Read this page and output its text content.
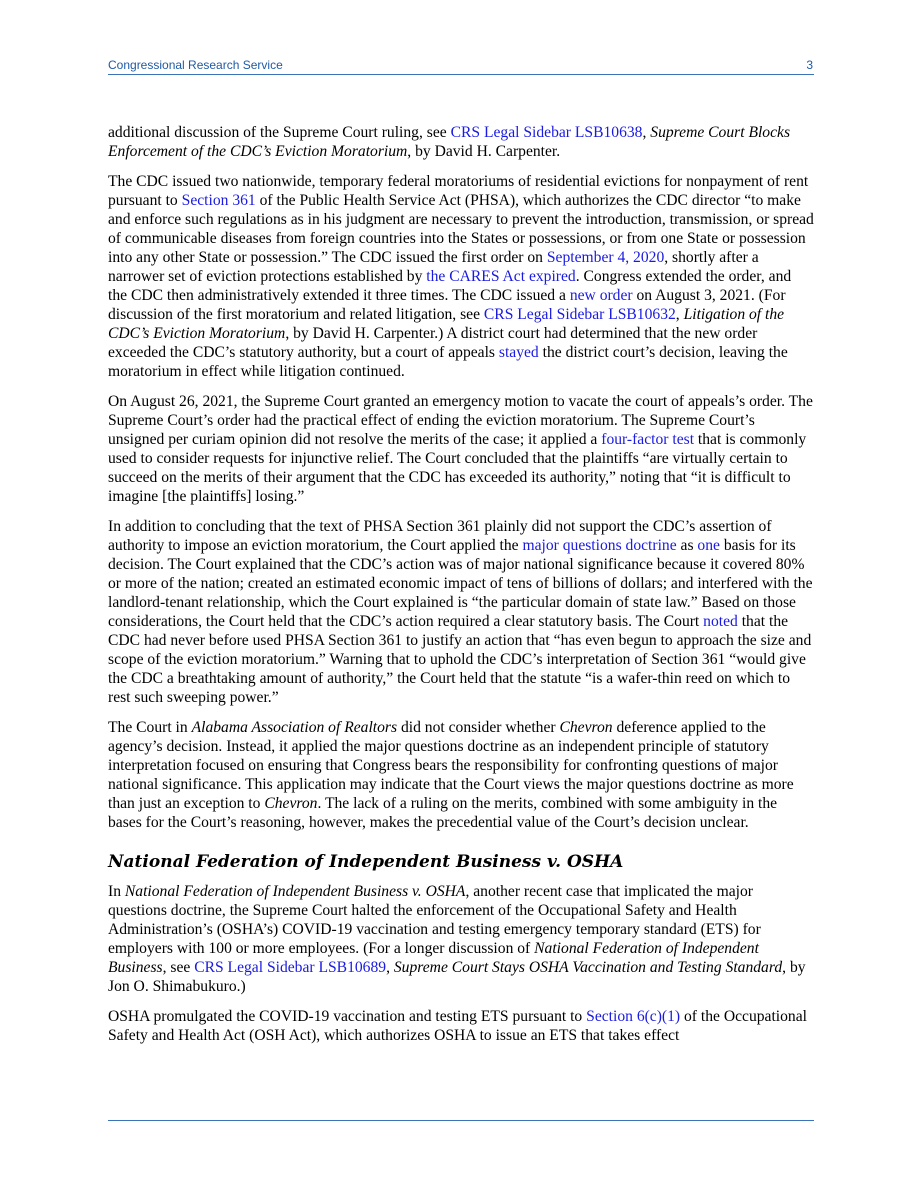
Congressional Research Service	3

additional discussion of the Supreme Court ruling, see CRS Legal Sidebar LSB10638, Supreme Court Blocks Enforcement of the CDC’s Eviction Moratorium, by David H. Carpenter.

The CDC issued two nationwide, temporary federal moratoriums of residential evictions for nonpayment of rent pursuant to Section 361 of the Public Health Service Act (PHSA), which authorizes the CDC director “to make and enforce such regulations as in his judgment are necessary to prevent the introduction, transmission, or spread of communicable diseases from foreign countries into the States or possessions, or from one State or possession into any other State or possession.” The CDC issued the first order on September 4, 2020, shortly after a narrower set of eviction protections established by the CARES Act expired. Congress extended the order, and the CDC then administratively extended it three times. The CDC issued a new order on August 3, 2021. (For discussion of the first moratorium and related litigation, see CRS Legal Sidebar LSB10632, Litigation of the CDC’s Eviction Moratorium, by David H. Carpenter.) A district court had determined that the new order exceeded the CDC’s statutory authority, but a court of appeals stayed the district court’s decision, leaving the moratorium in effect while litigation continued.

On August 26, 2021, the Supreme Court granted an emergency motion to vacate the court of appeals’s order. The Supreme Court’s order had the practical effect of ending the eviction moratorium. The Supreme Court’s unsigned per curiam opinion did not resolve the merits of the case; it applied a four-factor test that is commonly used to consider requests for injunctive relief. The Court concluded that the plaintiffs “are virtually certain to succeed on the merits of their argument that the CDC has exceeded its authority,” noting that “it is difficult to imagine [the plaintiffs] losing.”

In addition to concluding that the text of PHSA Section 361 plainly did not support the CDC’s assertion of authority to impose an eviction moratorium, the Court applied the major questions doctrine as one basis for its decision. The Court explained that the CDC’s action was of major national significance because it covered 80% or more of the nation; created an estimated economic impact of tens of billions of dollars; and interfered with the landlord-tenant relationship, which the Court explained is “the particular domain of state law.” Based on those considerations, the Court held that the CDC’s action required a clear statutory basis. The Court noted that the CDC had never before used PHSA Section 361 to justify an action that “has even begun to approach the size and scope of the eviction moratorium.” Warning that to uphold the CDC’s interpretation of Section 361 “would give the CDC a breathtaking amount of authority,” the Court held that the statute “is a wafer-thin reed on which to rest such sweeping power.”

The Court in Alabama Association of Realtors did not consider whether Chevron deference applied to the agency’s decision. Instead, it applied the major questions doctrine as an independent principle of statutory interpretation focused on ensuring that Congress bears the responsibility for confronting questions of major national significance. This application may indicate that the Court views the major questions doctrine as more than just an exception to Chevron. The lack of a ruling on the merits, combined with some ambiguity in the bases for the Court’s reasoning, however, makes the precedential value of the Court’s decision unclear.

National Federation of Independent Business v. OSHA

In National Federation of Independent Business v. OSHA, another recent case that implicated the major questions doctrine, the Supreme Court halted the enforcement of the Occupational Safety and Health Administration’s (OSHA’s) COVID-19 vaccination and testing emergency temporary standard (ETS) for employers with 100 or more employees. (For a longer discussion of National Federation of Independent Business, see CRS Legal Sidebar LSB10689, Supreme Court Stays OSHA Vaccination and Testing Standard, by Jon O. Shimabukuro.)

OSHA promulgated the COVID-19 vaccination and testing ETS pursuant to Section 6(c)(1) of the Occupational Safety and Health Act (OSH Act), which authorizes OSHA to issue an ETS that takes effect
